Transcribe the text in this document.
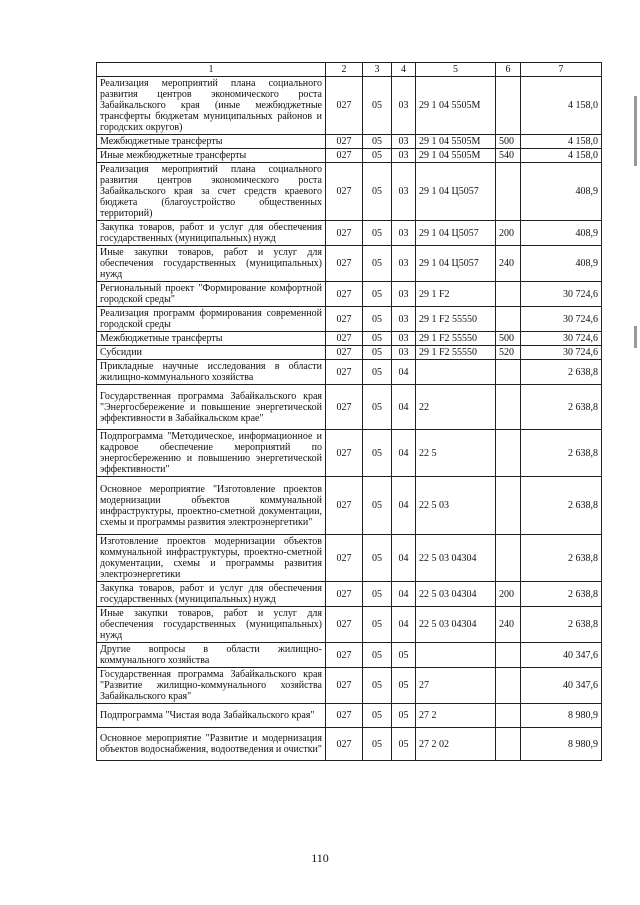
1	2	3	4	5	6	7
Реализация мероприятий плана социального развития центров экономического роста Забайкальского края (иные межбюджетные трансферты бюджетам муниципальных районов и городских округов)	027	05	03	29 1 04 5505М		4 158,0
Межбюджетные трансферты	027	05	03	29 1 04 5505М	500	4 158,0
Иные межбюджетные трансферты	027	05	03	29 1 04 5505М	540	4 158,0
Реализация мероприятий плана социального развития центров экономического роста Забайкальского края за счет средств краевого бюджета (благоустройство общественных территорий)	027	05	03	29 1 04 Ц5057		408,9
Закупка товаров, работ и услуг для обеспечения государственных (муниципальных) нужд	027	05	03	29 1 04 Ц5057	200	408,9
Иные закупки товаров, работ и услуг для обеспечения государственных (муниципальных) нужд	027	05	03	29 1 04 Ц5057	240	408,9
Региональный проект "Формирование комфортной городской среды"	027	05	03	29 1 F2		30 724,6
Реализация программ формирования современной городской среды	027	05	03	29 1 F2 55550		30 724,6
Межбюджетные трансферты	027	05	03	29 1 F2 55550	500	30 724,6
Субсидии	027	05	03	29 1 F2 55550	520	30 724,6
Прикладные научные исследования в области жилищно-коммунального хозяйства	027	05	04			2 638,8
Государственная программа Забайкальского края "Энергосбережение и повышение энергетической эффективности в Забайкальском крае"	027	05	04	22		2 638,8
Подпрограмма "Методическое, информационное и кадровое обеспечение мероприятий по энергосбережению и повышению энергетической эффективности"	027	05	04	22 5		2 638,8
Основное мероприятие "Изготовление проектов модернизации объектов коммунальной инфраструктуры, проектно-сметной документации, схемы и программы развития электроэнергетики"	027	05	04	22 5 03		2 638,8
Изготовление проектов модернизации объектов коммунальной инфраструктуры, проектно-сметной документации, схемы и программы развития электроэнергетики	027	05	04	22 5 03 04304		2 638,8
Закупка товаров, работ и услуг для обеспечения государственных (муниципальных) нужд	027	05	04	22 5 03 04304	200	2 638,8
Иные закупки товаров, работ и услуг для обеспечения государственных (муниципальных) нужд	027	05	04	22 5 03 04304	240	2 638,8
Другие вопросы в области жилищно-коммунального хозяйства	027	05	05			40 347,6
Государственная программа Забайкальского края "Развитие жилищно-коммунального хозяйства Забайкальского края"	027	05	05	27		40 347,6
Подпрограмма "Чистая вода Забайкальского края"	027	05	05	27 2		8 980,9
Основное мероприятие "Развитие и модернизация объектов водоснабжения, водоотведения и очистки"	027	05	05	27 2 02		8 980,9
110
